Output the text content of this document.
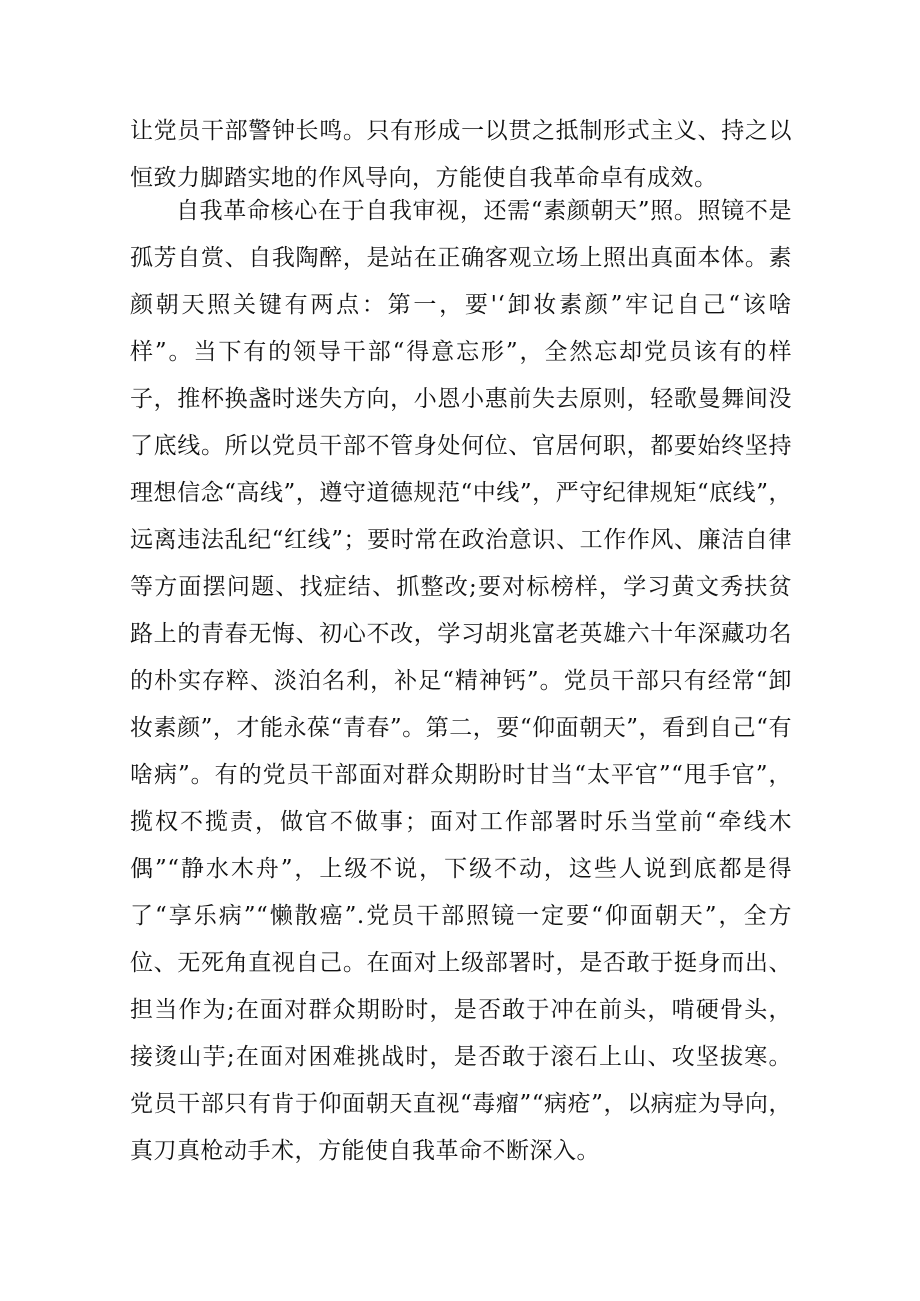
让党员干部警钟长鸣。只有形成一以贯之抵制形式主义、持之以恒致力脚踏实地的作风导向，方能使自我革命卓有成效。

自我革命核心在于自我审视，还需“素颜朝天”照。照镜不是孤芳自赏、自我陶醉，是站在正确客观立场上照出真面本体。素颜朝天照关键有两点：第一，要'‘卸妆素颜”牢记自己“该啥样”。当下有的领导干部“得意忘形”，全然忘却党员该有的样子，推杯换盏时迷失方向，小恩小惠前失去原则，轻歌曼舞间没了底线。所以党员干部不管身处何位、官居何职，都要始终坚持理想信念“高线”，遵守道德规范“中线”，严守纪律规矩“底线”，远离违法乱纪“红线”；要时常在政治意识、工作作风、廉洁自律等方面摆问题、找症结、抓整改;要对标榜样，学习黄文秀扶贫路上的青春无悔、初心不改，学习胡兆富老英雄六十年深藏功名的朴实存粹、淡泊名利，补足“精神钙”。党员干部只有经常“卸妆素颜”，才能永葆“青春”。第二，要“仰面朝天”，看到自己“有啥病”。有的党员干部面对群众期盼时甘当“太平官”“甩手官”，揽权不揽责，做官不做事；面对工作部署时乐当堂前“牵线木偶”“静水木舟”，上级不说，下级不动，这些人说到底都是得了“享乐病”“懒散癌”.党员干部照镜一定要“仰面朝天”，全方位、无死角直视自己。在面对上级部署时，是否敢于挺身而出、担当作为;在面对群众期盼时，是否敢于冲在前头，啃硬骨头，接烫山芋;在面对困难挑战时，是否敢于滚石上山、攻坚拔寒。党员干部只有肯于仰面朝天直视“毒瘤”“病疮”，以病症为导向，真刀真枪动手术，方能使自我革命不断深入。
